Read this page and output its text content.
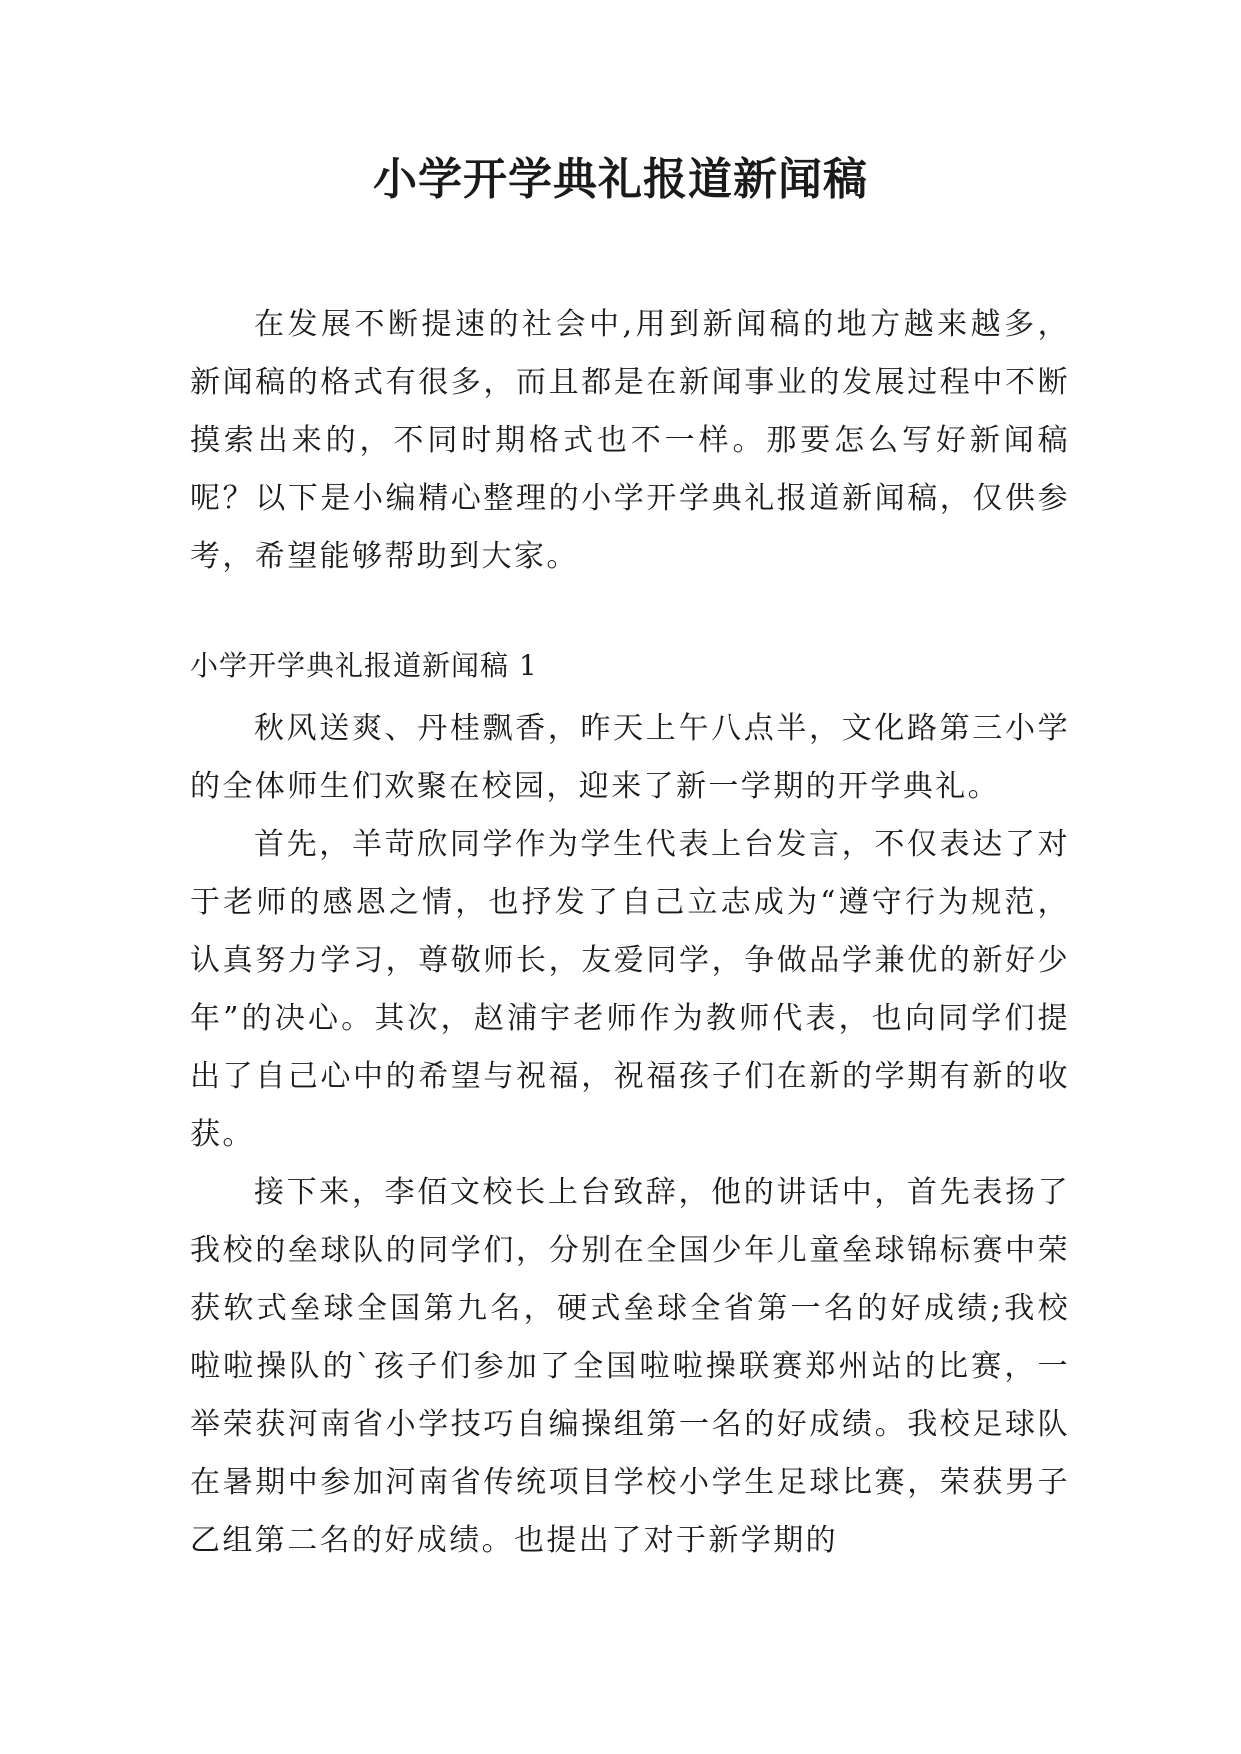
小学开学典礼报道新闻稿

在发展不断提速的社会中,用到新闻稿的地方越来越多，新闻稿的格式有很多，而且都是在新闻事业的发展过程中不断摸索出来的，不同时期格式也不一样。那要怎么写好新闻稿呢？以下是小编精心整理的小学开学典礼报道新闻稿，仅供参考，希望能够帮助到大家。

小学开学典礼报道新闻稿 1

秋风送爽、丹桂飘香，昨天上午八点半，文化路第三小学的全体师生们欢聚在校园，迎来了新一学期的开学典礼。

首先，羊苛欣同学作为学生代表上台发言，不仅表达了对于老师的感恩之情，也抒发了自己立志成为“遵守行为规范，认真努力学习，尊敬师长，友爱同学，争做品学兼优的新好少年”的决心。其次，赵浦宇老师作为教师代表，也向同学们提出了自己心中的希望与祝福，祝福孩子们在新的学期有新的收获。

接下来，李佰文校长上台致辞，他的讲话中，首先表扬了我校的垒球队的同学们，分别在全国少年儿童垒球锦标赛中荣获软式垒球全国第九名，硬式垒球全省第一名的好成绩;我校啦啦操队的`孩子们参加了全国啦啦操联赛郑州站的比赛，一举荣获河南省小学技巧自编操组第一名的好成绩。我校足球队在暑期中参加河南省传统项目学校小学生足球比赛，荣获男子乙组第二名的好成绩。也提出了对于新学期的
